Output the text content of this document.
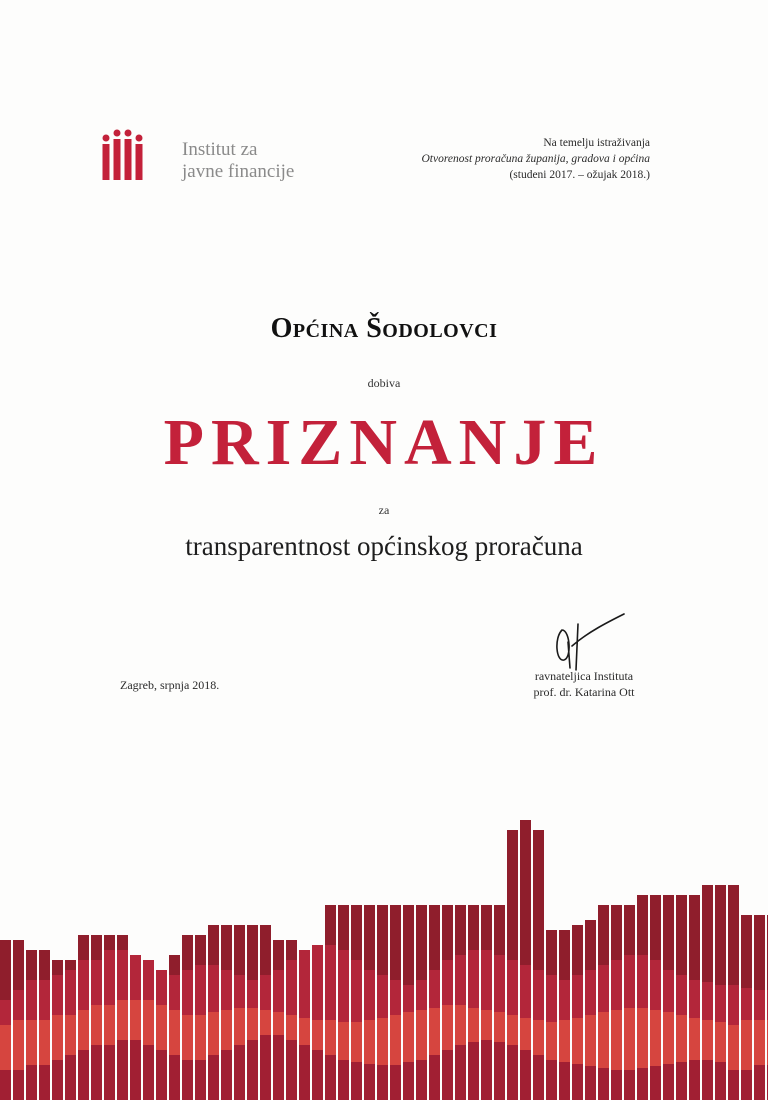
Institut za
javne financije
Na temelju istraživanja
Otvorenost proračuna županija, gradova i općina
(studeni 2017. – ožujak 2018.)
Općina Šodolovci
dobiva
PRIZNANJE
za
transparentnost općinskog proračuna
Zagreb, srpnja 2018.
ravnateljica Instituta
prof. dr. Katarina Ott
